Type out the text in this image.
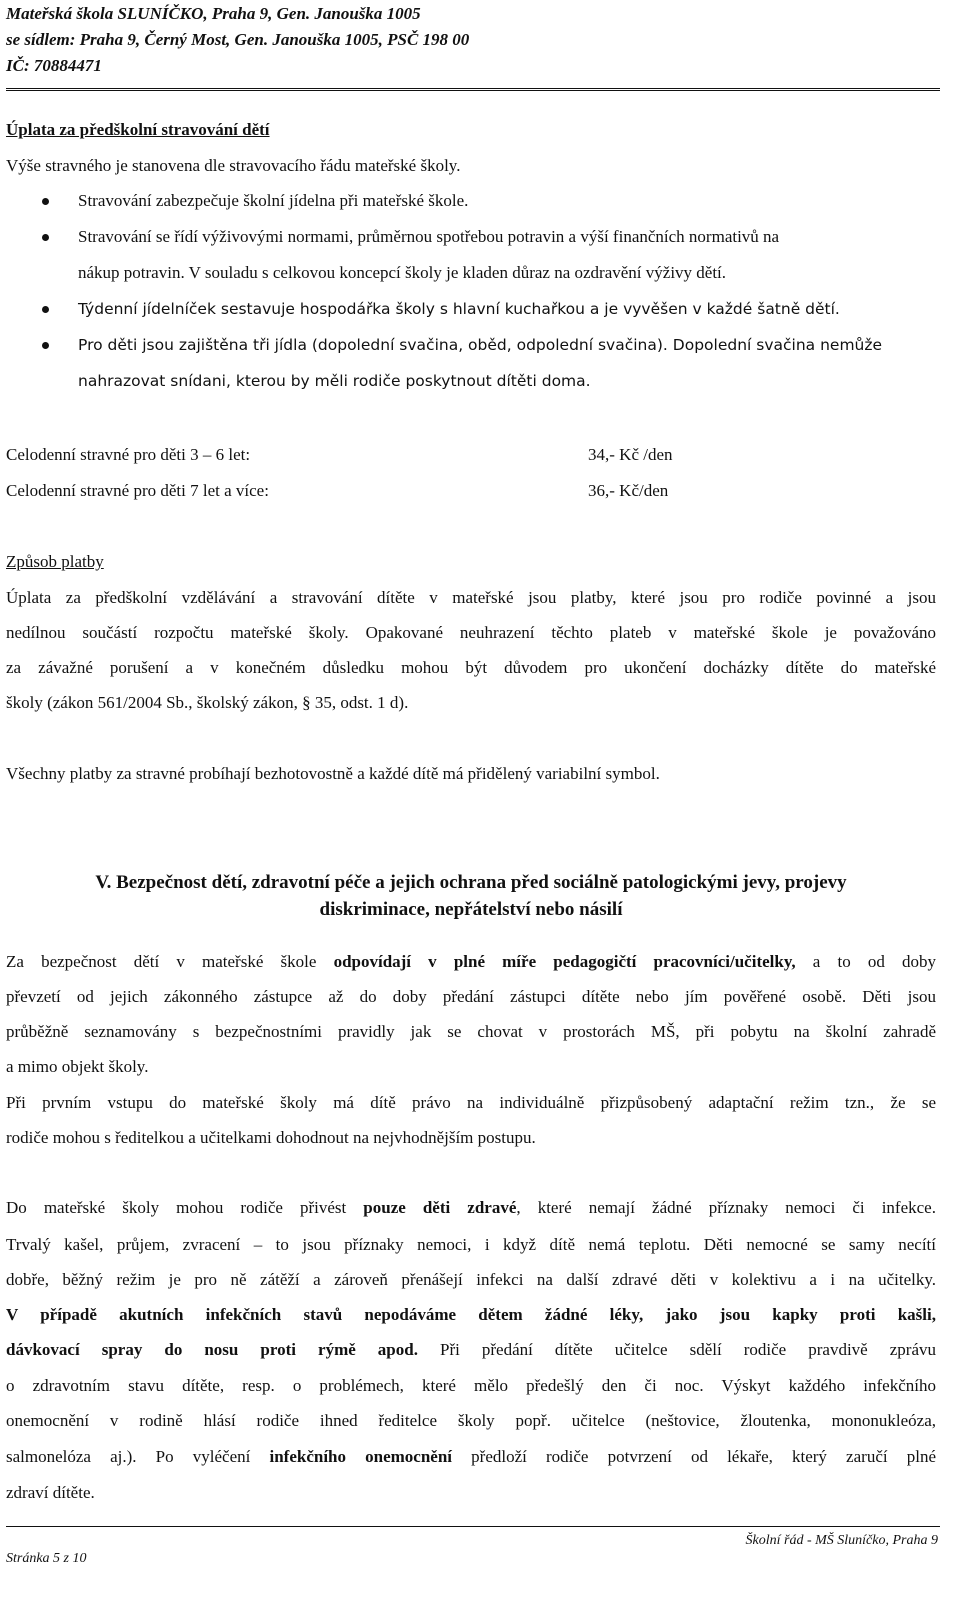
Mateřská škola SLUNÍČKO, Praha 9, Gen. Janouška 1005
se sídlem: Praha 9, Černý Most, Gen. Janouška 1005, PSČ 198 00
IČ: 70884471
Úplata za předškolní stravování dětí
Výše stravného je stanovena dle stravovacího řádu mateřské školy.
Stravování zabezpečuje školní jídelna při mateřské škole.
Stravování se řídí výživovými normami, průměrnou spotřebou potravin a výší finančních normativů na
nákup potravin. V souladu s celkovou koncepcí školy je kladen důraz na ozdravění výživy dětí.
Týdenní jídelníček sestavuje hospodářka školy s hlavní kuchařkou a je vyvěšen v každé šatně dětí.
Pro děti jsou zajištěna tři jídla (dopolední svačina, oběd, odpolední svačina). Dopolední svačina nemůže
nahrazovat snídani, kterou by měli rodiče poskytnout dítěti doma.
Celodenní stravné pro děti 3 – 6 let:	34,- Kč /den
Celodenní stravné pro děti 7 let a více:	36,- Kč/den
Způsob platby
Úplata za předškolní vzdělávání a stravování dítěte v mateřské jsou platby, které jsou pro rodiče povinné a jsou
nedílnou součástí rozpočtu mateřské školy. Opakované neuhrazení těchto plateb v mateřské škole je považováno
za závažné porušení a v konečném důsledku mohou být důvodem pro ukončení docházky dítěte do mateřské
školy (zákon 561/2004 Sb., školský zákon, § 35, odst. 1 d).
Všechny platby za stravné probíhají bezhotovostně a každé dítě má přidělený variabilní symbol.
V. Bezpečnost dětí, zdravotní péče a jejich ochrana před sociálně patologickými jevy, projevy
diskriminace, nepřátelství nebo násilí
Za bezpečnost dětí v mateřské škole odpovídají v plné míře pedagogičtí pracovníci/učitelky, a to od doby
převzetí od jejich zákonného zástupce až do doby předání zástupci dítěte nebo jím pověřené osobě. Děti jsou
průběžně seznamovány s bezpečnostními pravidly jak se chovat v prostorách MŠ, při pobytu na školní zahradě
a mimo objekt školy.
Při prvním vstupu do mateřské školy má dítě právo na individuálně přizpůsobený adaptační režim tzn., že se
rodiče mohou s ředitelkou a učitelkami dohodnout na nejvhodnějším postupu.
Do mateřské školy mohou rodiče přivést pouze děti zdravé, které nemají žádné příznaky nemoci či infekce.
Trvalý kašel, průjem, zvracení – to jsou příznaky nemoci, i když dítě nemá teplotu. Děti nemocné se samy necítí
dobře, běžný režim je pro ně zátěží a zároveň přenášejí infekci na další zdravé děti v kolektivu a i na učitelky.
V případě akutních infekčních stavů nepodáváme dětem žádné léky, jako jsou kapky proti kašli,
dávkovací spray do nosu proti rýmě apod. Při předání dítěte učitelce sdělí rodiče pravdivě zprávu
o zdravotním stavu dítěte, resp. o problémech, které mělo předešlý den či noc. Výskyt každého infekčního
onemocnění v rodině hlásí rodiče ihned ředitelce školy popř. učitelce (neštovice, žloutenka, mononukleóza,
salmonelóza aj.). Po vyléčení infekčního onemocnění předloží rodiče potvrzení od lékaře, který zaručí plné
zdraví dítěte.
Školní řád - MŠ Sluníčko, Praha 9
Stránka 5 z 10
